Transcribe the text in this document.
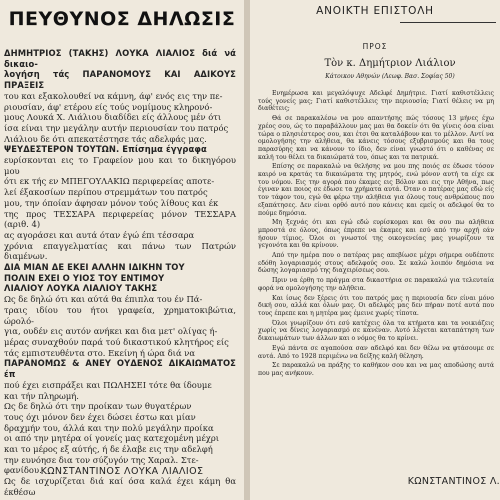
ΠΕΥΘΥΝΟΣ ΔΗΛΩΣΙΣ

ΔΗΜΗΤΡΙΟΣ (ΤΑΚΗΣ) ΛΟΥΚΑ ΛΙΑΛΙΟΣ διά νά δικαιο-

λογήση τάς ΠΑΡΑΝΟΜΟΥΣ ΚΑΙ ΑΔΙΚΟΥΣ ΠΡΑΞΕΙΣ

του και εξακολουθεί να κάμνη, άφ' ενός εις την πε-

ριουσίαν, άφ' ετέρου είς τούς νομίμους κληρονό-

μους Λουκά Χ. Λιάλιου διαδίδει είς άλλους μέν ότι

ίσα είναι την μεγάλην αυτήν περιουσίαν του πατρός

Λιάλιου δε ότι απεκατέστησε τάς αδελφάς μας.

ΨΕΥΔΕΣΤΕΡΟΝ ΤΟΥΤΩΝ. Επίσημα έγγραφα

ευρίσκονται εις το Γραφείον μου και το δικηγόρου μου

ότι εκ τής εν ΜΠΕΓΟΥΛΑΚΙΩ περιφερείας αποτε-

λεί έξακοσίων περίπου στρεμμάτων του πατρός

μου, την όποίαν άφησαν μόνον τούς λίθους και έκ

της προς ΤΕΣΣΑΡΑ περιφερείας μόνον ΤΕΣΣΑΡΑ (αριθ. 4)

ας αγοράσει και αυτά όταν έγώ έπι τέσσαρα

χρόνια επαγγελματίας και πάνω των Πατρών διαμένων.

ΔΙΑ ΜΙΑΝ ΔΕ ΕΚΕΙ ΑΛΛΗΝ ΙΔΙΚΗΝ ΤΟΥ

ΠΟΛΙΝ ΕΧΕΙ Ο ΥΙΟΣ ΤΟΥ ΕΝΤΙΜΟΥ

ΛΙΑΛΙΟΥ ΛΟΥΚΑ ΛΙΑΛΙΟΥ ΤΑΚΗΣ

Ως δε δηλώ ότι και αύτά θα έπιπλα του έν Πά-

τραις ιδίου του ήτοι γραφεία, χρηματοκιβώτια, ώρολό-

για, ουδέν εις αυτόν ανήκει και δια μετ' ολίγας ή-

μέρας συναχθούν παρά τού δικαστικού κλητήρος είς

τάς εμπιστευθέντα στο. Εκείνη ή ώρα διά να

ΠΑΡΑΝΟΜΩΣ & ΑΝΕΥ ΟΥΔΕΝΟΣ ΔΙΚΑΙΩΜΑΤΟΣ έπ

πού έχει εισπράξει και ΠΩΛΗΣΕΙ τότε θα ίδουμε

και τήν πληρωμή.

Ως δε δηλώ ότι την προίκαν των θυγατέρων

τους όχι μόνον δεν έχει δώσει έστω και μίαν

δραχμήν του, άλλά και την πολύ μεγάλην προίκα

οι από την μητέρα οί γονείς μας κατεχομένη μέχρι

και το μέρος εξ αύτής, ή δε έλαβε εις την αδελφή

την ευνόησε δια τον σύζυγόν της Χαραλ. Στε-

φανίδου.

Ως δε ισχυρίζεται διά καί όσα καλά έχει κάμη θα έκθέσω

ΚΩΝΣΤΑΝΤΙΝΟΣ ΛΟΥΚΑ ΛΙΑΛΙΟΣ
ΑΝΟΙΚΤΗ ΕΠΙΣΤΟΛΗ
ΠΡΟΣ
Τὸν κ. Δημήτριον Λιάλιον
Κάτοικον Αθηνών (Λεωφ. Βασ. Σοφίας 50)

Ενημέρωσα και μεγαλόψυχε Αδελφέ Δημήτριε. Γιατί καθιστέλλεις τούς γονείς μας; Γιατί καθιστέλλεις την περιουσία; Γιατί θέλεις να μη διαθέτεις;

Θά σε παρακαλέσω να μου απαντήσης πώς τόσους 13 μήνες έχω χρέος σου, ώς το παραβάλλουν μας μαι θα δοκείν ότι θα γίνεις όσα είναι τώρα ο πλησιέστερος σου, και έτσι θα καταλάβουν και το μέλλον. Αντί να ομολογήσης την αλήθεια, θα κάνεις τόσους εξυβρισμούς και θα τους παρασύρης και να κάνουν το ίδιο, δεν είναι γνωστό ότι ο καθένας σε καλή του θέλει τα δικαιώματά του, όπως και τα πατρικά.

Επίσης σε παρακαλώ να θελήσης να μου πης ποιός σε έδωσε τόσον καιρό να κρατάς τα δικαιώματα της μητρός, ενώ μόνον αυτή τα είχε εκ του νόμου. Εις την αγορά που έκαμες εις Βόλον και εις την Αθήνα, πως έγιναν και ποιος σε έδωσε τα χρήματα αυτά. Όταν ο πατέρας μας εδώ είς τον τάφον του, εγώ θα φέρω την αλήθεια για όλους τους ανθρώπους που εξαπάτησες. Δεν είναι ορθό αυτό που κάνεις και εμείς οι αδελφοί θα το πούμε δημόσια.

Μη ξεχνάς ότι και εγώ εδώ ευρίσκομαι και θα σου πω αλήθεια μπροστά σε όλους, όπως έπρεπε να έκαμες και εσύ από την αρχή εάν ήσουν τίμιος. Όλοι οι γνωστοί της οικογενείας μας γνωρίζουν τα γεγονότα και θα κρίνουν.

Από την ημέρα που ο πατέρας μας απεβίωσε μέχρι σήμερα ουδέποτε εδόθη λογαριασμός στους αδελφούς σου. Σε καλώ λοιπόν δημόσια να δώσης λογαριασμό της διαχειρίσεως σου.

Πριν να έρθη το πράγμα στα δικαστήρια σε παρακαλώ για τελευταία φορά να ομολογήσης την αλήθεια.

Και ίσως δεν ξέρεις ότι του πατρός μας η περιουσία δεν είναι μόνο δική σου, αλλά και όλων μας. Οι αδελφές μας δεν πήραν ποτέ αυτά που τους έπρεπε και η μητέρα μας έμεινε χωρίς τίποτα.

Όλοι γνωρίζουν ότι εσύ κατέχεις όλα τα κτήματα και τα νοικιάζεις χωρίς να δίνεις λογαριασμό σε κανέναν. Αυτό λέγεται καταπάτηση των δικαιωμάτων των άλλων και ο νόμος θα το κρίνει.

Εγώ πάντα σε αγαπούσα σαν αδελφό και δεν θέλω να φτάσουμε σε αυτά. Από το 1928 περιμένω να δείξης καλή θέληση.

Σε παρακαλώ να πράξης το καθήκον σου και να μας αποδώσης αυτά που μας ανήκουν.

ΚΩΝΣΤΑΝΤΙΝΟΣ Λ.
